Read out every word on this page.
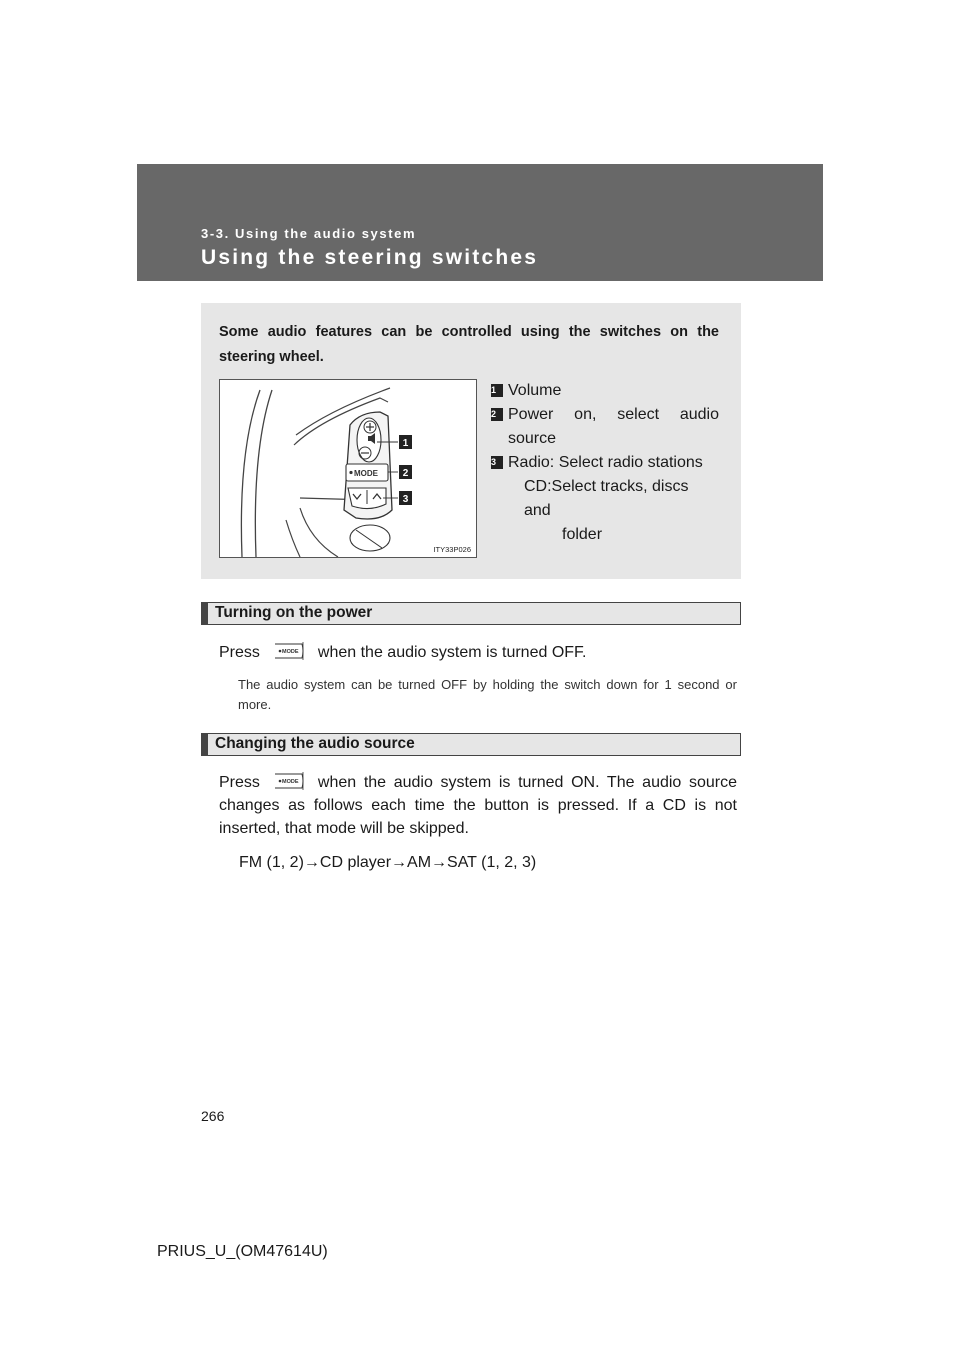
3-3. Using the audio system
Using the steering switches
Some audio features can be controlled using the switches on the steering wheel.
MODE
1
2
3
ITY33P026
1 Volume
2 Power on, select audio source
3 Radio: Select radio stations
CD:Select tracks, discs and
folder
Turning on the power
Press	MODE when the audio system is turned OFF.
The audio system can be turned OFF by holding the switch down for 1 second or more.
Changing the audio source
Press	MODE when the audio system is turned ON. The audio source changes as follows each time the button is pressed. If a CD is not inserted, that mode will be skipped.
FM (1, 2)→CD player→AM→SAT (1, 2, 3)
266
PRIUS_U_(OM47614U)
